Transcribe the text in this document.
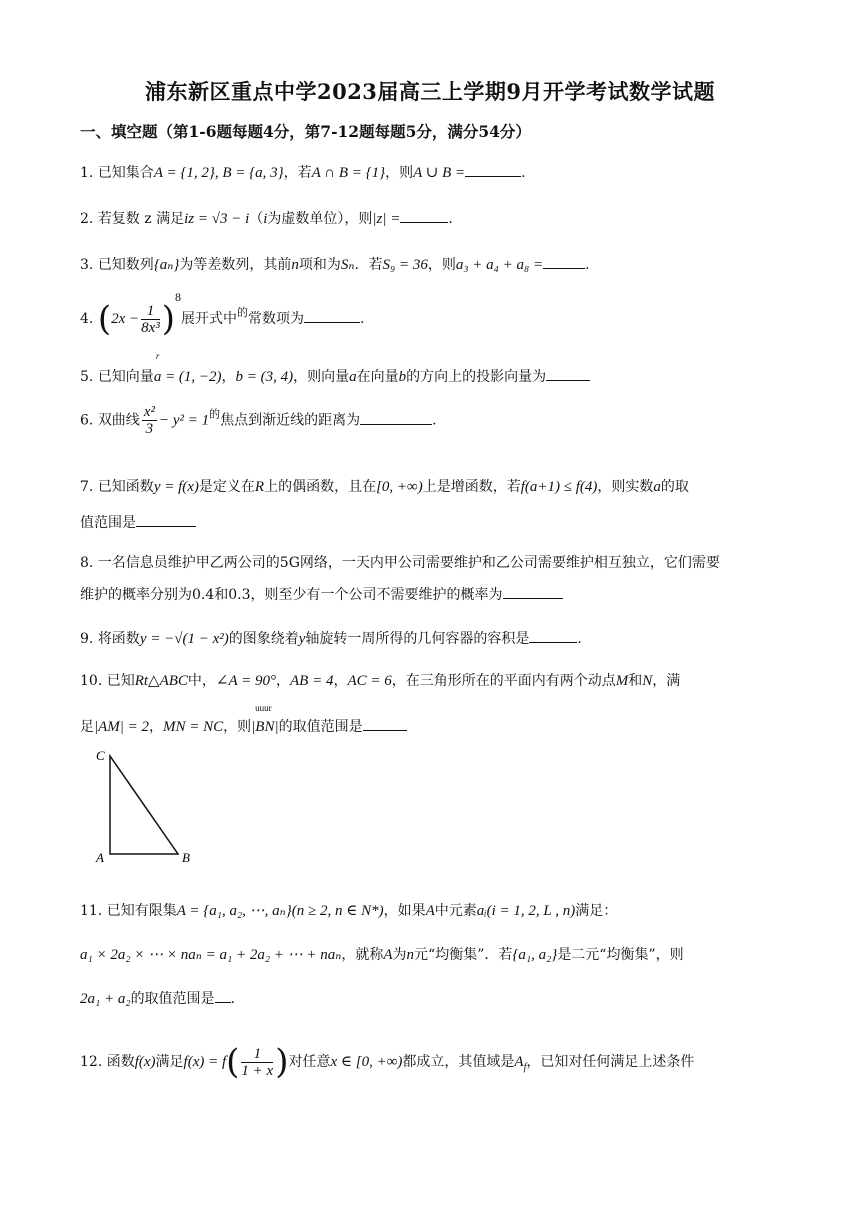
浦东新区重点中学2023届高三上学期9月开学考试数学试题
一、填空题（第1-6题每题4分，第7-12题每题5分，满分54分）
1. 已知集合A = {1, 2}, B = {a, 3}，若A ∩ B = {1}，则A ∪ B =	.
2. 若复数 z 满足iz = √3 − i（i为虚数单位），则|z| =	.
3. 已知数列{aₙ}为等差数列，其前n项和为Sₙ．若S₉ = 36，则a₃ + a₄ + a₈ =	.
4. $(2x - \frac{1}{\text{8x³}} )^8$展开式中$^的$常数项为	.
5. 已知向量
r
a = (1, −2)，b = (3, 4)，则向量a在向量b的方向上的投影向量为
6. 双曲线 $\frac{\text{x²}}{3} - y^2 = 1^的$焦点到渐近线的距离为	.
7. 已知函数y = f(x)是定义在R上的偶函数，且在[0, +∞)上是增函数，若f(a+1) ≤ f(4)，则实数a的取
值范围是
8. 一名信息员维护甲乙两公司的5G网络，一天内甲公司需要维护和乙公司需要维护相互独立，它们需要
维护的概率分别为0.4和0.3，则至少有一个公司不需要维护的概率为
9. 将函数y = −√(1 − x²)的图象绕着y轴旋转一周所得的几何容器的容积是	.
10. 已知Rt△ABC中，∠A = 90°，AB = 4，AC = 6，在三角形所在的平面内有两个动点M和N，满
足|AM| = 2，MN = NC，则
uuur
|BN|的取值范围是
C
A	B
11. 已知有限集A = {a₁, a₂, ⋯, aₙ}(n ≥ 2, n ∈ N*)，如果A中元素aᵢ(i = 1, 2, L , n)满足：
a₁ × 2a₂ × ⋯ × naₙ = a₁ + 2a₂ + ⋯ + naₙ，就称A为n元“均衡集”．若{a₁, a₂}是二元“均衡集”，则
2a₁ + a₂的取值范围是 .
12. 函数f(x)满足$f(x) = f( \frac{1}{1 + x}$ )对任意x ∈ [0, +∞)都成立，其值域是$A_f$，已知对任何满足上述条件
